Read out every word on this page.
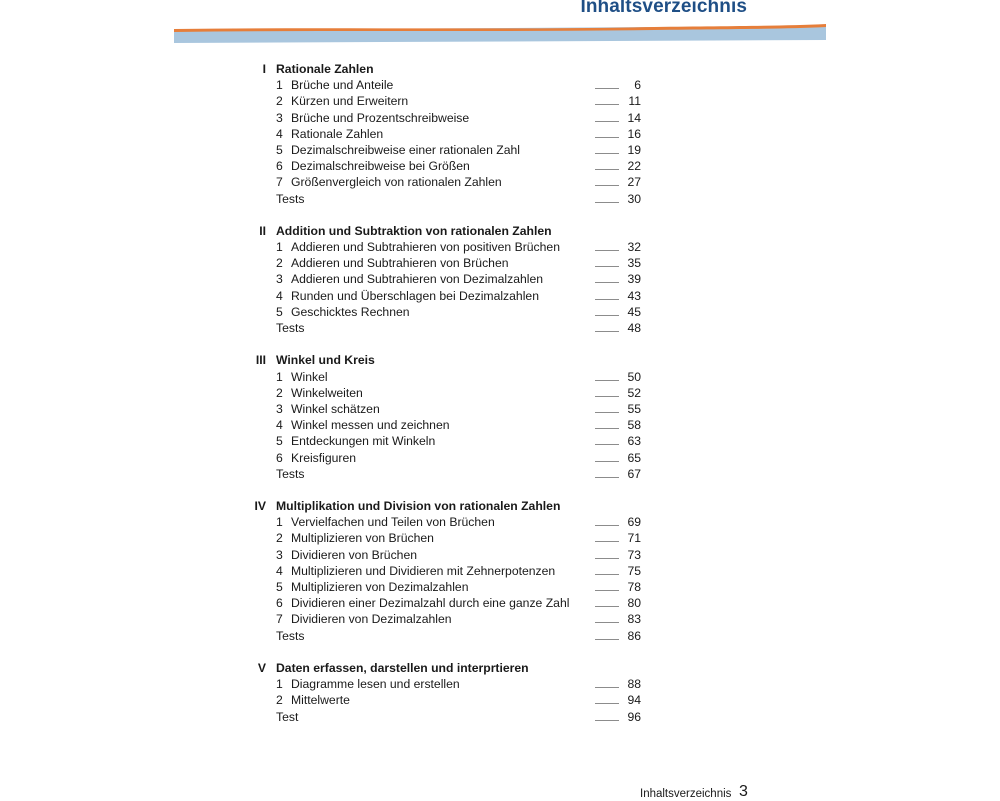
Inhaltsverzeichnis
I Rationale Zahlen
1 Brüche und Anteile	6
2 Kürzen und Erweitern	11
3 Brüche und Prozentschreibweise	14
4 Rationale Zahlen	16
5 Dezimalschreibweise einer rationalen Zahl	19
6 Dezimalschreibweise bei Größen	22
7 Größenvergleich von rationalen Zahlen	27
Tests	30
II Addition und Subtraktion von rationalen Zahlen
1 Addieren und Subtrahieren von positiven Brüchen	32
2 Addieren und Subtrahieren von Brüchen	35
3 Addieren und Subtrahieren von Dezimalzahlen	39
4 Runden und Überschlagen bei Dezimalzahlen	43
5 Geschicktes Rechnen	45
Tests	48
III Winkel und Kreis
1 Winkel	50
2 Winkelweiten	52
3 Winkel schätzen	55
4 Winkel messen und zeichnen	58
5 Entdeckungen mit Winkeln	63
6 Kreisfiguren	65
Tests	67
IV Multiplikation und Division von rationalen Zahlen
1 Vervielfachen und Teilen von Brüchen	69
2 Multiplizieren von Brüchen	71
3 Dividieren von Brüchen	73
4 Multiplizieren und Dividieren mit Zehnerpotenzen	75
5 Multiplizieren von Dezimalzahlen	78
6 Dividieren einer Dezimalzahl durch eine ganze Zahl	80
7 Dividieren von Dezimalzahlen	83
Tests	86
V Daten erfassen, darstellen und interprtieren
1 Diagramme lesen und erstellen	88
2 Mittelwerte	94
Test	96
Inhaltsverzeichnis 3
